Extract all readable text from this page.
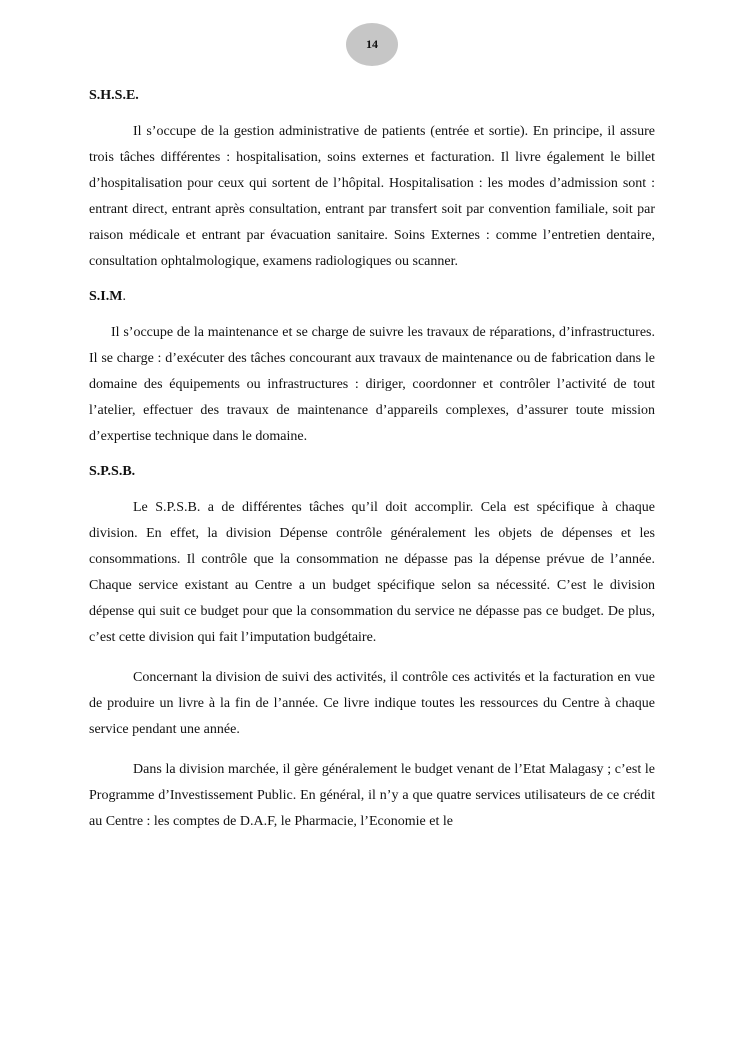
14
S.H.S.E.

Il s’occupe de la gestion administrative de patients (entrée et sortie). En principe, il assure trois tâches différentes : hospitalisation, soins externes et facturation. Il livre également le billet d’hospitalisation pour ceux qui sortent de l’hôpital. Hospitalisation : les modes d’admission sont : entrant direct, entrant après consultation, entrant par transfert soit par convention familiale, soit par raison médicale et entrant par évacuation sanitaire. Soins Externes : comme l’entretien dentaire, consultation ophtalmologique, examens radiologiques ou scanner.

S.I.M.

Il s’occupe de la maintenance et se charge de suivre les travaux de réparations, d’infrastructures. Il se charge : d’exécuter des tâches concourant aux travaux de maintenance ou de fabrication dans le domaine des équipements ou infrastructures : diriger, coordonner et contrôler l’activité de tout l’atelier, effectuer des travaux de maintenance d’appareils complexes, d’assurer toute mission d’expertise technique dans le domaine.

S.P.S.B.

Le S.P.S.B. a de différentes tâches qu’il doit accomplir. Cela est spécifique à chaque division. En effet, la division Dépense contrôle généralement les objets de dépenses et les consommations. Il contrôle que la consommation ne dépasse pas la dépense prévue de l’année. Chaque service existant au Centre a un budget spécifique selon sa nécessité. C’est le division dépense qui suit ce budget pour que la consommation du service ne dépasse pas ce budget. De plus, c’est cette division qui fait l’imputation budgétaire.

Concernant la division de suivi des activités, il contrôle ces activités et la facturation en vue de produire un livre à la fin de l’année. Ce livre indique toutes les ressources du Centre à chaque service pendant une année.

Dans la division marchée, il gère généralement le budget venant de l’Etat Malagasy ; c’est le Programme d’Investissement Public. En général, il n’y a que quatre services utilisateurs de ce crédit au Centre : les comptes de D.A.F, le Pharmacie, l’Economie et le
